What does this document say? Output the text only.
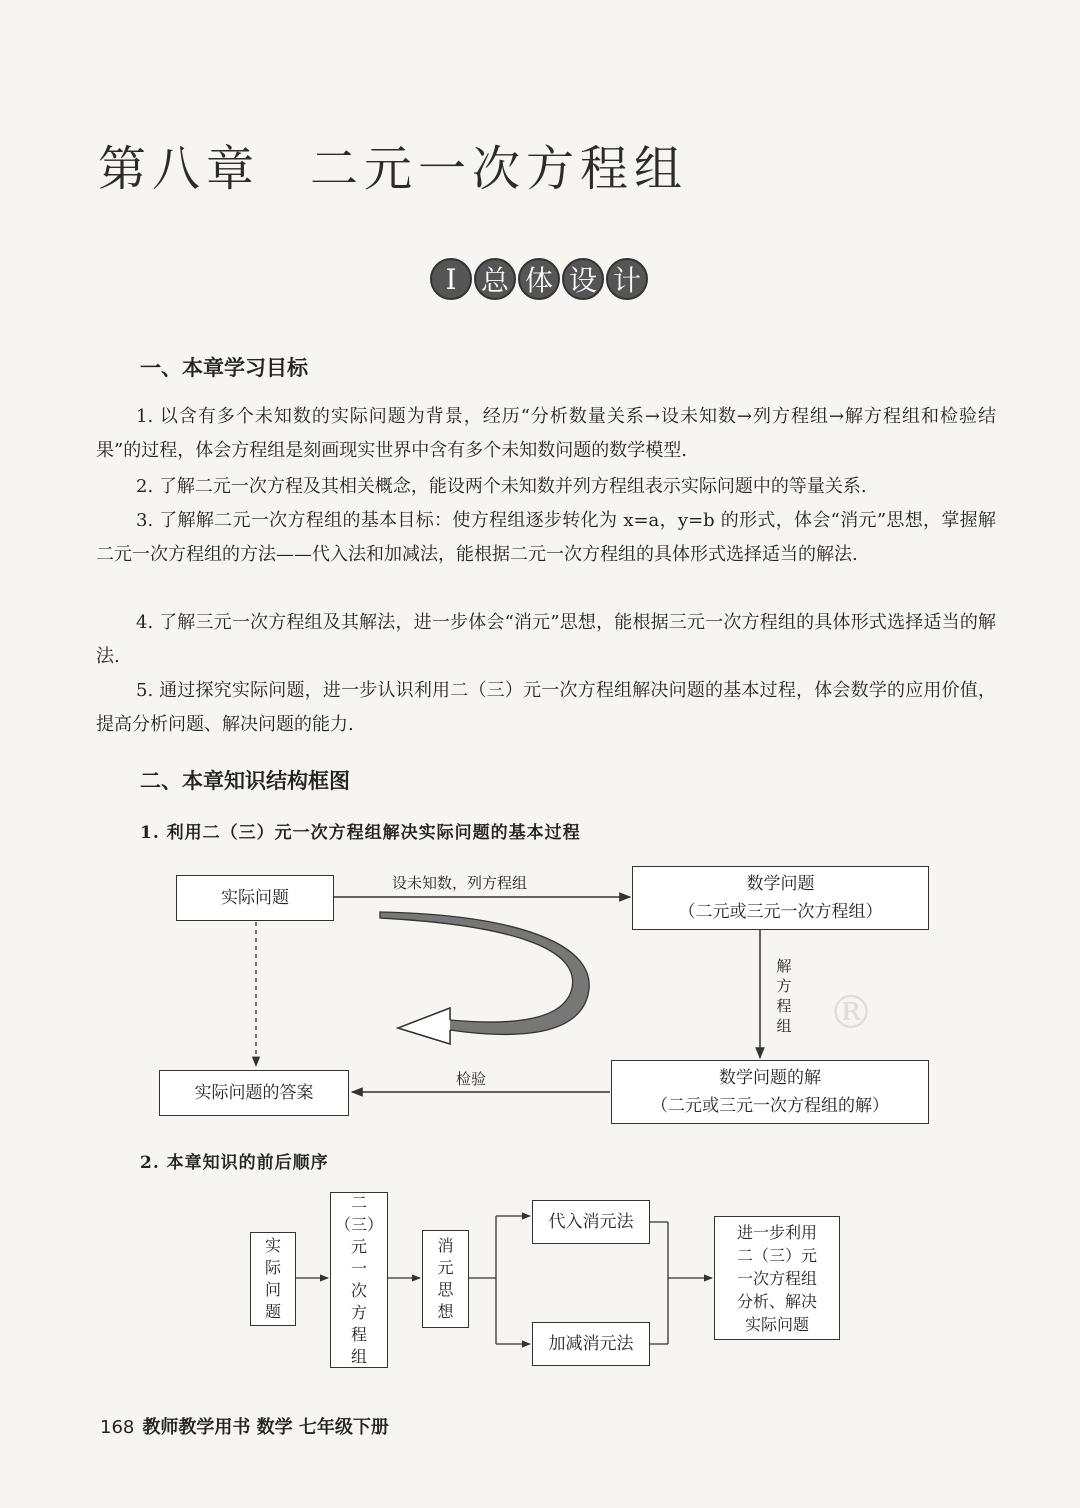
第八章 二元一次方程组
Ⅰ 总 体 设 计
一、本章学习目标
1. 以含有多个未知数的实际问题为背景，经历“分析数量关系→设未知数→列方程组→解方程组和检验结果”的过程，体会方程组是刻画现实世界中含有多个未知数问题的数学模型.
2. 了解二元一次方程及其相关概念，能设两个未知数并列方程组表示实际问题中的等量关系.
3. 了解解二元一次方程组的基本目标：使方程组逐步转化为 x=a，y=b 的形式，体会“消元”思想，掌握解二元一次方程组的方法——代入法和加减法，能根据二元一次方程组的具体形式选择适当的解法.
4. 了解三元一次方程组及其解法，进一步体会“消元”思想，能根据三元一次方程组的具体形式选择适当的解法.
5. 通过探究实际问题，进一步认识利用二（三）元一次方程组解决问题的基本过程，体会数学的应用价值，提高分析问题、解决问题的能力.
二、本章知识结构框图
1. 利用二（三）元一次方程组解决实际问题的基本过程
实际问题
设未知数，列方程组	数学问题
（二元或三元一次方程组）
解
方
程
组
数学问题的解
（二元或三元一次方程组的解）
检验
实际问题的答案
®
2. 本章知识的前后顺序
实
际
问
题
二
（三）
元
一
次
方
程
组
消
元
思
想
代入消元法
加减消元法
进一步利用
二（三）元
一次方程组
分析、解决
实际问题
168 教师教学用书 数学 七年级下册
